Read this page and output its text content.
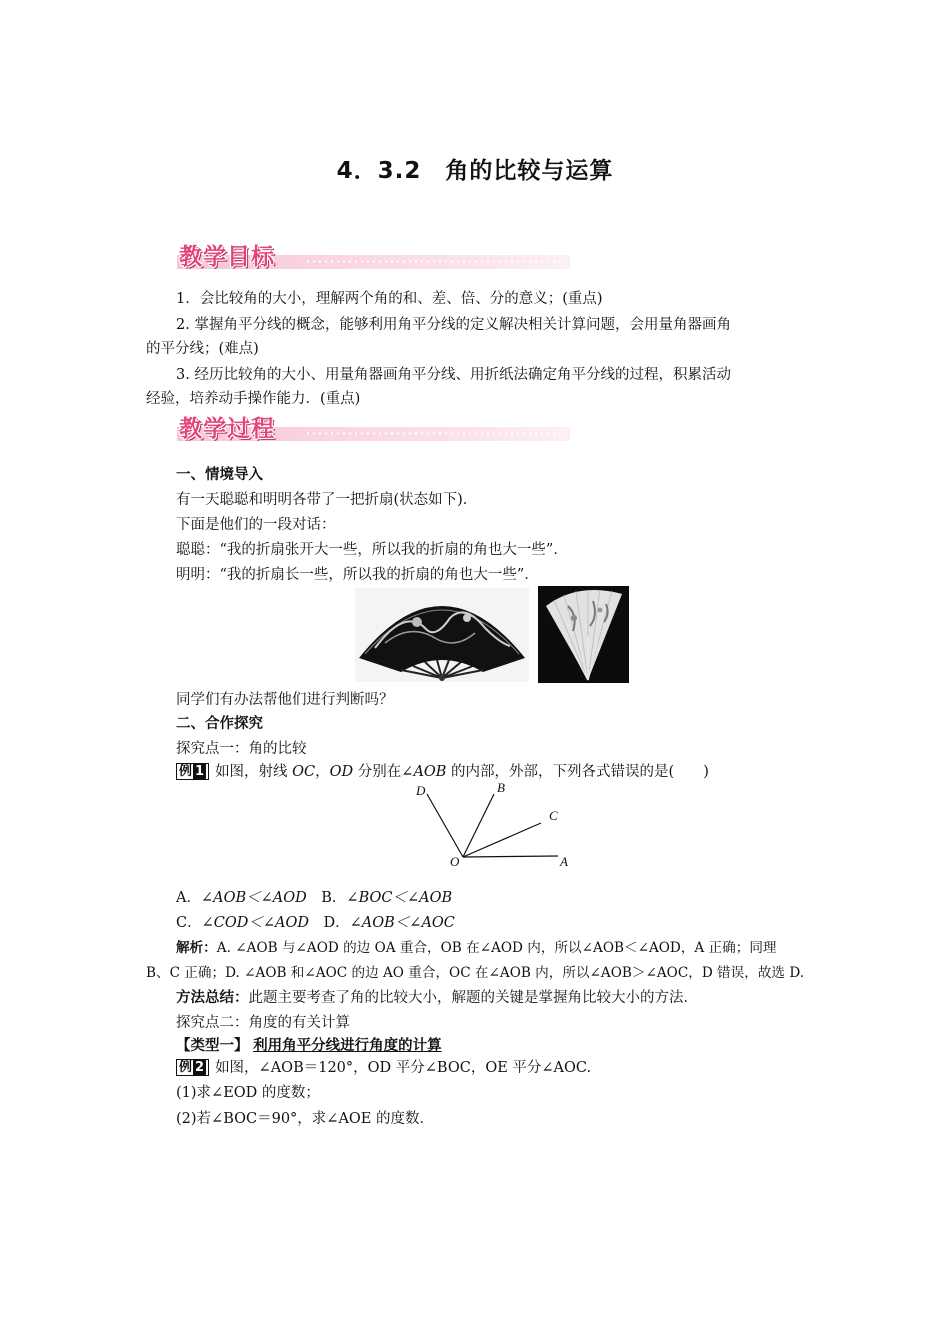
4．3.2　角的比较与运算
教学目标
1．会比较角的大小，理解两个角的和、差、倍、分的意义；(重点)
2. 掌握角平分线的概念，能够利用角平分线的定义解决相关计算问题，会用量角器画角
的平分线；(难点)
3. 经历比较角的大小、用量角器画角平分线、用折纸法确定角平分线的过程，积累活动
经验，培养动手操作能力．(重点)
教学过程
一、情境导入
有一天聪聪和明明各带了一把折扇(状态如下)．
下面是他们的一段对话：
聪聪：“我的折扇张开大一些，所以我的折扇的角也大一些”．
明明：“我的折扇长一些，所以我的折扇的角也大一些”．
同学们有办法帮他们进行判断吗？
二、合作探究
探究点一：角的比较
例 1 如图，射线 OC，OD 分别在∠AOB 的内部，外部，下列各式错误的是(　　)
D	B
C
O	A
A．∠AOB＜∠AOD　B．∠BOC＜∠AOB
C．∠COD＜∠AOD　D．∠AOB＜∠AOC
解析：A. ∠AOB 与∠AOD 的边 OA 重合，OB 在∠AOD 内，所以∠AOB＜∠AOD，A 正确；同理
B、C 正确；D. ∠AOB 和∠AOC 的边 AO 重合，OC 在∠AOB 内，所以∠AOB＞∠AOC，D 错误，故选 D.
方法总结：此题主要考查了角的比较大小，解题的关键是掌握角比较大小的方法．
探究点二：角度的有关计算
【类型一】 利用角平分线进行角度的计算
例 2 如图，∠AOB＝120°，OD 平分∠BOC，OE 平分∠AOC.
(1)求∠EOD 的度数；
(2)若∠BOC＝90°，求∠AOE 的度数．
